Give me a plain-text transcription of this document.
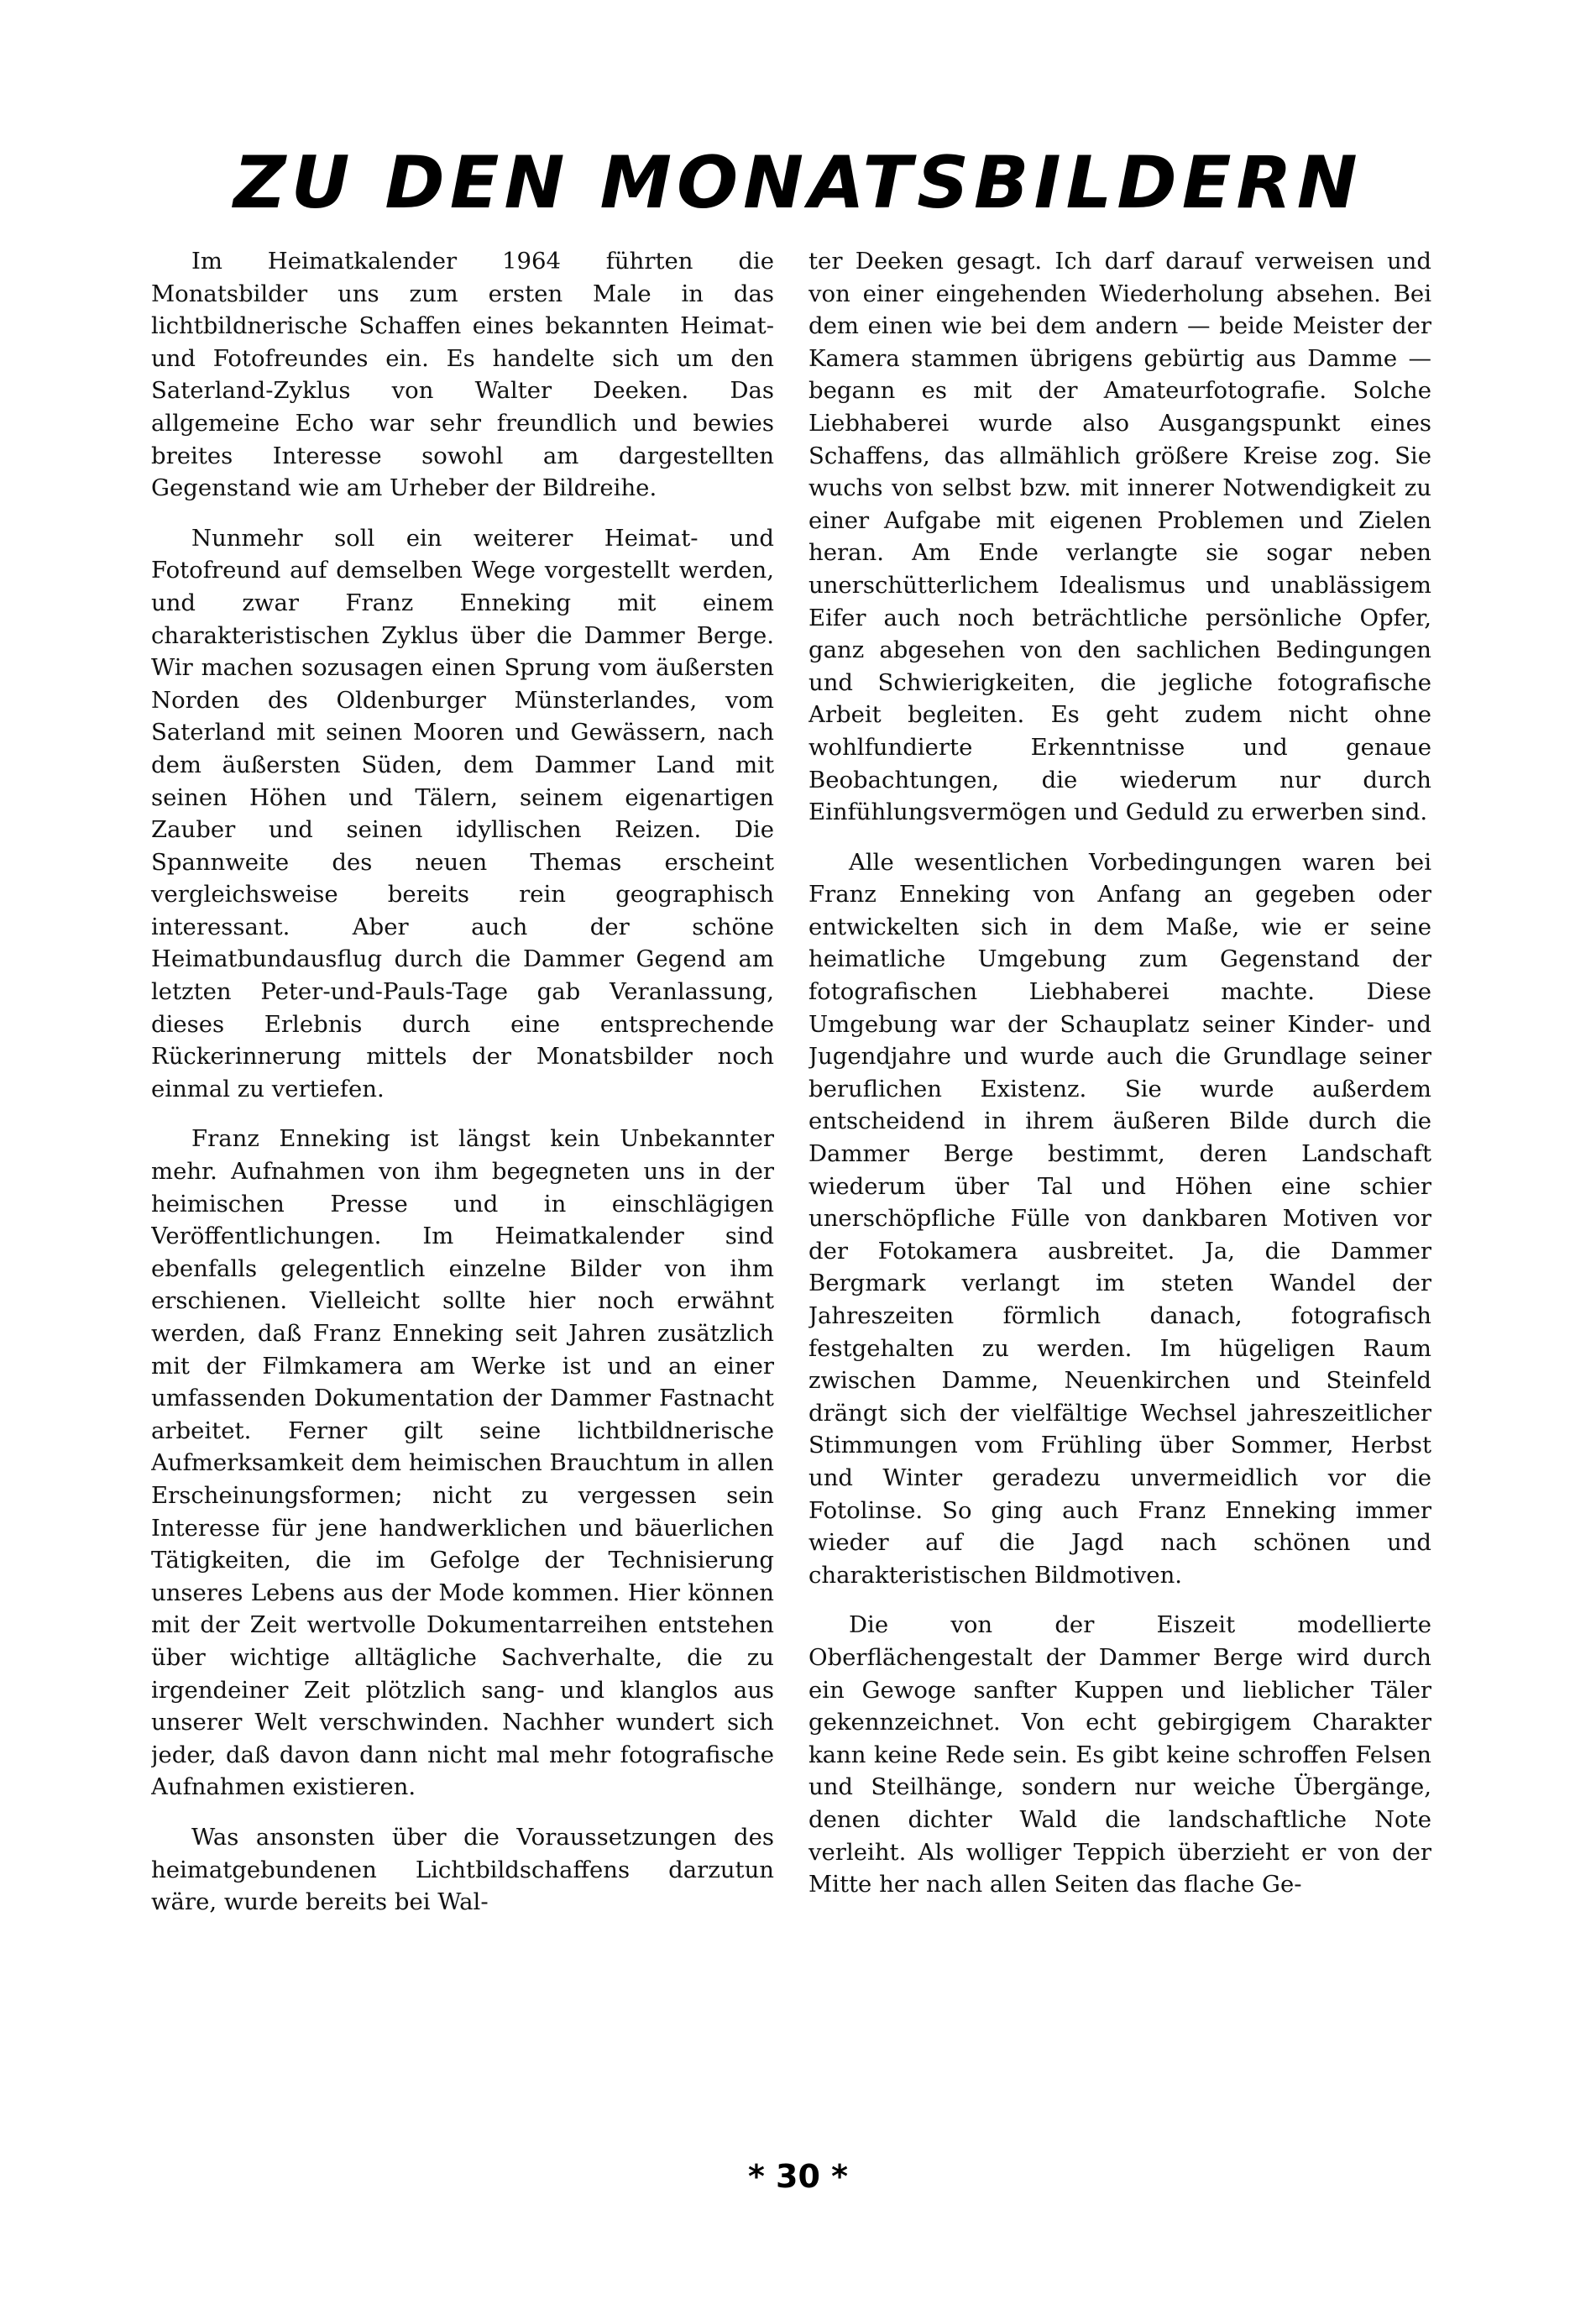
ZU DEN MONATSBILDERN

Im Heimatkalender 1964 führten die Monatsbilder uns zum ersten Male in das lichtbildnerische Schaffen eines bekannten Heimat- und Fotofreundes ein. Es handelte sich um den Saterland-Zyklus von Walter Deeken. Das allgemeine Echo war sehr freundlich und bewies breites Interesse sowohl am dargestellten Gegenstand wie am Urheber der Bildreihe.

Nunmehr soll ein weiterer Heimat- und Fotofreund auf demselben Wege vorgestellt werden, und zwar Franz Enneking mit einem charakteristischen Zyklus über die Dammer Berge. Wir machen sozusagen einen Sprung vom äußersten Norden des Oldenburger Münsterlandes, vom Saterland mit seinen Mooren und Gewässern, nach dem äußersten Süden, dem Dammer Land mit seinen Höhen und Tälern, seinem eigenartigen Zauber und seinen idyllischen Reizen. Die Spannweite des neuen Themas erscheint vergleichsweise bereits rein geographisch interessant. Aber auch der schöne Heimatbundausflug durch die Dammer Gegend am letzten Peter-und-Pauls-Tage gab Veranlassung, dieses Erlebnis durch eine entsprechende Rückerinnerung mittels der Monatsbilder noch einmal zu vertiefen.

Franz Enneking ist längst kein Unbekannter mehr. Aufnahmen von ihm begegneten uns in der heimischen Presse und in einschlägigen Veröffentlichungen. Im Heimatkalender sind ebenfalls gelegentlich einzelne Bilder von ihm erschienen. Vielleicht sollte hier noch erwähnt werden, daß Franz Enneking seit Jahren zusätzlich mit der Filmkamera am Werke ist und an einer umfassenden Dokumentation der Dammer Fastnacht arbeitet. Ferner gilt seine lichtbildnerische Aufmerksamkeit dem heimischen Brauchtum in allen Erscheinungsformen; nicht zu vergessen sein Interesse für jene handwerklichen und bäuerlichen Tätigkeiten, die im Gefolge der Technisierung unseres Lebens aus der Mode kommen. Hier können mit der Zeit wertvolle Dokumentarreihen entstehen über wichtige alltägliche Sachverhalte, die zu irgendeiner Zeit plötzlich sang- und klanglos aus unserer Welt verschwinden. Nachher wundert sich jeder, daß davon dann nicht mal mehr fotografische Aufnahmen existieren.

Was ansonsten über die Voraussetzungen des heimatgebundenen Lichtbildschaffens darzutun wäre, wurde bereits bei Wal-

ter Deeken gesagt. Ich darf darauf verweisen und von einer eingehenden Wiederholung absehen. Bei dem einen wie bei dem andern — beide Meister der Kamera stammen übrigens gebürtig aus Damme — begann es mit der Amateurfotografie. Solche Liebhaberei wurde also Ausgangspunkt eines Schaffens, das allmählich größere Kreise zog. Sie wuchs von selbst bzw. mit innerer Notwendigkeit zu einer Aufgabe mit eigenen Problemen und Zielen heran. Am Ende verlangte sie sogar neben unerschütterlichem Idealismus und unablässigem Eifer auch noch beträchtliche persönliche Opfer, ganz abgesehen von den sachlichen Bedingungen und Schwierigkeiten, die jegliche fotografische Arbeit begleiten. Es geht zudem nicht ohne wohlfundierte Erkenntnisse und genaue Beobachtungen, die wiederum nur durch Einfühlungsvermögen und Geduld zu erwerben sind.

Alle wesentlichen Vorbedingungen waren bei Franz Enneking von Anfang an gegeben oder entwickelten sich in dem Maße, wie er seine heimatliche Umgebung zum Gegenstand der fotografischen Liebhaberei machte. Diese Umgebung war der Schauplatz seiner Kinder- und Jugendjahre und wurde auch die Grundlage seiner beruflichen Existenz. Sie wurde außerdem entscheidend in ihrem äußeren Bilde durch die Dammer Berge bestimmt, deren Landschaft wiederum über Tal und Höhen eine schier unerschöpfliche Fülle von dankbaren Motiven vor der Fotokamera ausbreitet. Ja, die Dammer Bergmark verlangt im steten Wandel der Jahreszeiten förmlich danach, fotografisch festgehalten zu werden. Im hügeligen Raum zwischen Damme, Neuenkirchen und Steinfeld drängt sich der vielfältige Wechsel jahreszeitlicher Stimmungen vom Frühling über Sommer, Herbst und Winter geradezu unvermeidlich vor die Fotolinse. So ging auch Franz Enneking immer wieder auf die Jagd nach schönen und charakteristischen Bildmotiven.

Die von der Eiszeit modellierte Oberflächengestalt der Dammer Berge wird durch ein Gewoge sanfter Kuppen und lieblicher Täler gekennzeichnet. Von echt gebirgigem Charakter kann keine Rede sein. Es gibt keine schroffen Felsen und Steilhänge, sondern nur weiche Übergänge, denen dichter Wald die landschaftliche Note verleiht. Als wolliger Teppich überzieht er von der Mitte her nach allen Seiten das flache Ge-

* 30 *
